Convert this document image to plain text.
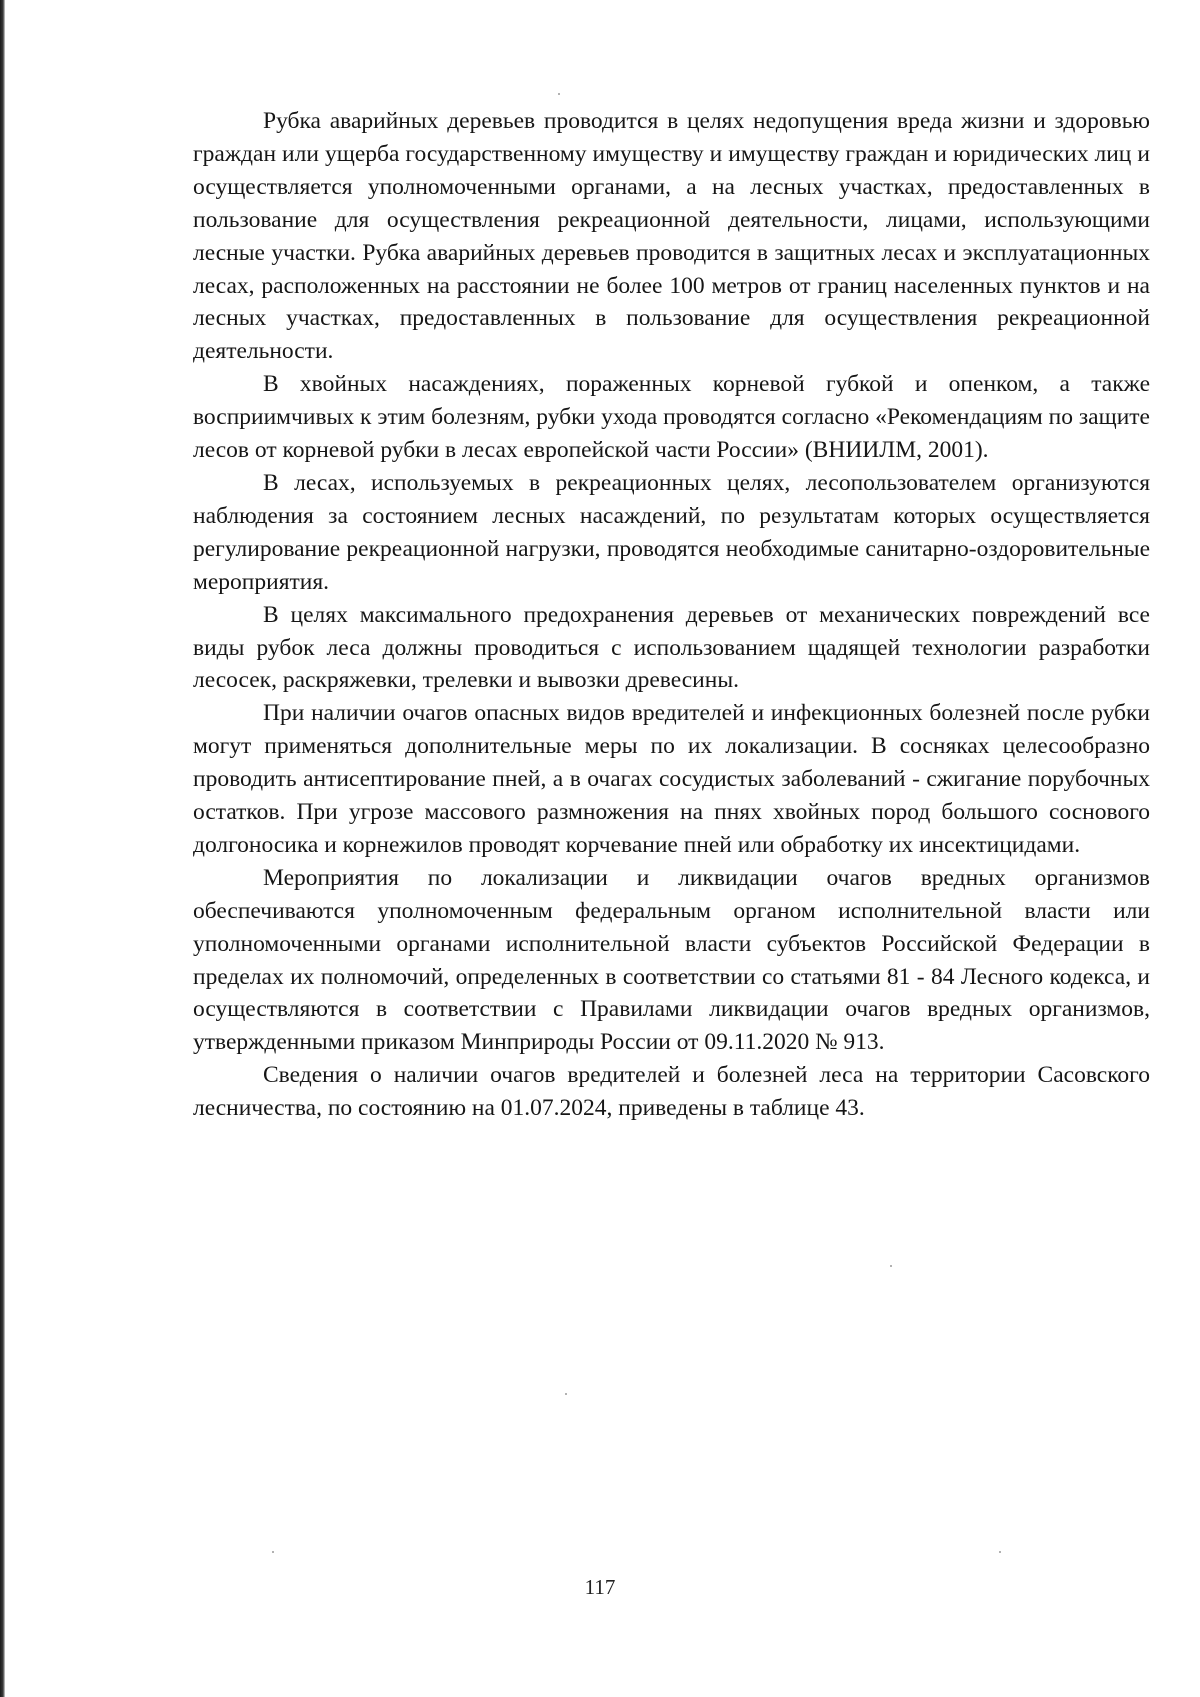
Рубка аварийных деревьев проводится в целях недопущения вреда жизни и здоровью граждан или ущерба государственному имуществу и имуществу граждан и юридических лиц и осуществляется уполномоченными органами, а на лесных участках, предоставленных в пользование для осуществления рекреационной деятельности, лицами, использующими лесные участки. Рубка аварийных деревьев проводится в защитных лесах и эксплуатационных лесах, расположенных на расстоянии не более 100 метров от границ населенных пунктов и на лесных участках, предоставленных в пользование для осуществления рекреационной деятельности.

В хвойных насаждениях, пораженных корневой губкой и опенком, а также восприимчивых к этим болезням, рубки ухода проводятся согласно «Рекомендациям по защите лесов от корневой рубки в лесах европейской части России» (ВНИИЛМ, 2001).

В лесах, используемых в рекреационных целях, лесопользователем организуются наблюдения за состоянием лесных насаждений, по результатам которых осуществляется регулирование рекреационной нагрузки, проводятся необходимые санитарно-оздоровительные мероприятия.

В целях максимального предохранения деревьев от механических повреждений все виды рубок леса должны проводиться с использованием щадящей технологии разработки лесосек, раскряжевки, трелевки и вывозки древесины.

При наличии очагов опасных видов вредителей и инфекционных болезней после рубки могут применяться дополнительные меры по их локализации. В сосняках целесообразно проводить антисептирование пней, а в очагах сосудистых заболеваний - сжигание порубочных остатков. При угрозе массового размножения на пнях хвойных пород большого соснового долгоносика и корнежилов проводят корчевание пней или обработку их инсектицидами.

Мероприятия по локализации и ликвидации очагов вредных организмов обеспечиваются уполномоченным федеральным органом исполнительной власти или уполномоченными органами исполнительной власти субъектов Российской Федерации в пределах их полномочий, определенных в соответствии со статьями 81 - 84 Лесного кодекса, и осуществляются в соответствии с Правилами ликвидации очагов вредных организмов, утвержденными приказом Минприроды России от 09.11.2020 № 913.

Сведения о наличии очагов вредителей и болезней леса на территории Сасовского лесничества, по состоянию на 01.07.2024, приведены в таблице 43.

117
